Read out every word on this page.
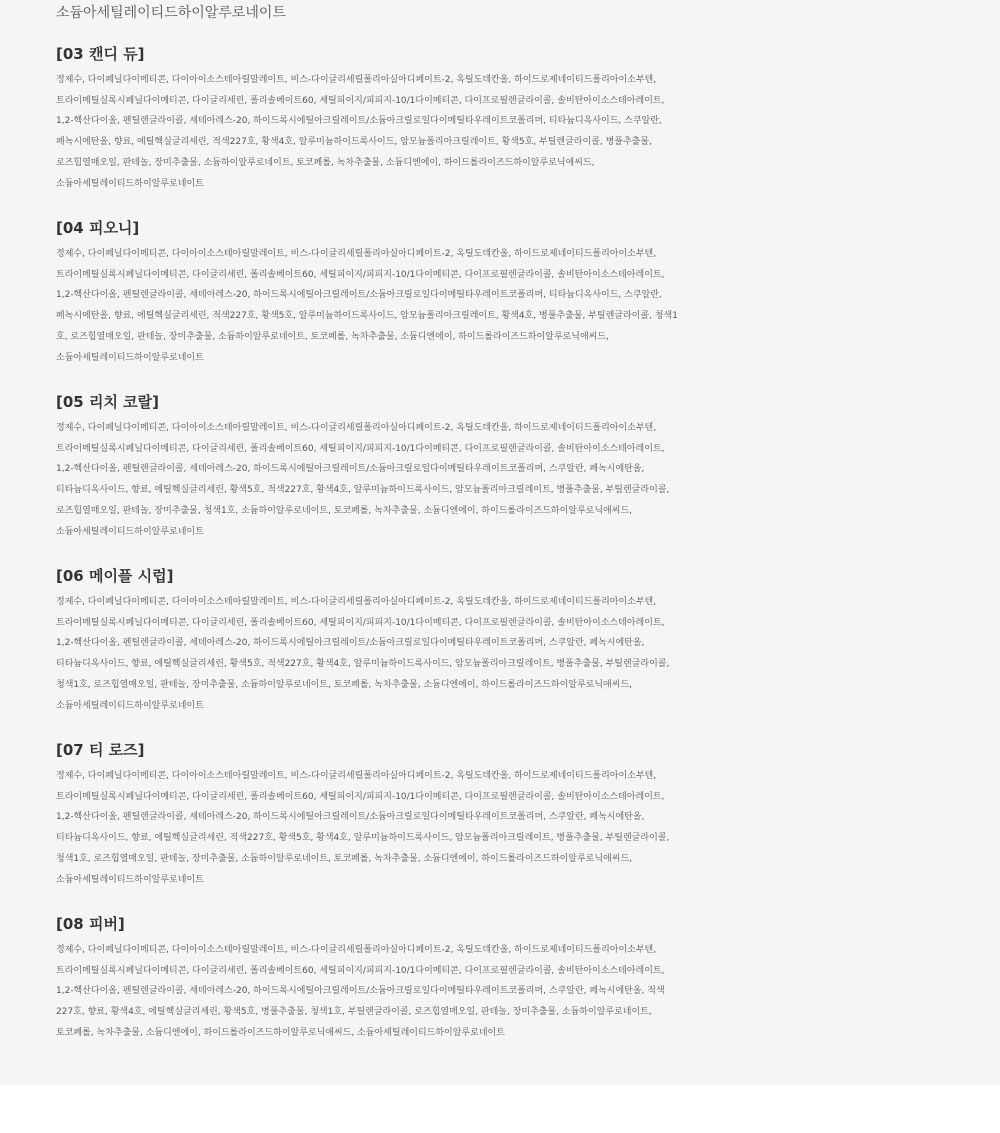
소듐아세틸레이티드하이알루로네이트
[03 캔디 듀]
정제수, 다이페닐다이메티콘, 다이아이소스테아릴말레이트, 비스-다이글리세릴폴리아실아디페이트-2, 옥틸도데칸올, 하이드로제네이티드폴리아이소부텐,
트라이메틸실록시페닐다이메티콘, 다이글리세린, 폴리솔베이트60, 세틸피이지/피피지-10/1다이메티콘, 다이프로필렌글라이콜, 솔비탄아이소스테아레이트,
1,2-헥산다이올, 펜틸렌글라이콜, 세테아레스-20, 하이드록시에틸아크릴레이트/소듐아크릴로일다이메틸타우레이트코폴리머, 티타늄디옥사이드, 스쿠알란,
페녹시에탄올, 향료, 에틸헥실글리세린, 적색227호, 황색4호, 알루미늄하이드록사이드, 암모늄폴리아크릴레이트, 황색5호, 부틸렌글라이콜, 병풀추출물,
로즈힙열매오일, 판테놀, 장미추출물, 소듐하이알루로네이트, 토코페롤, 녹차추출물, 소듐디엔에이, 하이드롤라이즈드하이알루로닉애씨드,
소듐아세틸레이티드하이알루로네이트
[04 피오니]
정제수, 다이페닐다이메티콘, 다이아이소스테아릴말레이트, 비스-다이글리세릴폴리아실아디페이트-2, 옥틸도데칸올, 하이드로제네이티드폴리아이소부텐,
트라이메틸실록시페닐다이메티콘, 다이글리세린, 폴리솔베이트60, 세틸피이지/피피지-10/1다이메티콘, 다이프로필렌글라이콜, 솔비탄아이소스테아레이트,
1,2-헥산다이올, 펜틸렌글라이콜, 세테아레스-20, 하이드록시에틸아크릴레이트/소듐아크릴로일다이메틸타우레이트코폴리머, 티타늄디옥사이드, 스쿠알란,
페녹시에탄올, 향료, 에틸헥실글리세린, 적색227호, 황색5호, 알루미늄하이드록사이드, 암모늄폴리아크릴레이트, 황색4호, 병풀추출물, 부틸렌글라이콜, 청색1
호, 로즈힙열매오일, 판테놀, 장미추출물, 소듐하이알루로네이트, 토코페롤, 녹차추출물, 소듐디엔에이, 하이드롤라이즈드하이알루로닉애씨드,
소듐아세틸레이티드하이알루로네이트
[05 리치 코랄]
정제수, 다이페닐다이메티콘, 다이아이소스테아릴말레이트, 비스-다이글리세릴폴리아실아디페이트-2, 옥틸도데칸올, 하이드로제네이티드폴리아이소부텐,
트라이메틸실록시페닐다이메티콘, 다이글리세린, 폴리솔베이트60, 세틸피이지/피피지-10/1다이메티콘, 다이프로필렌글라이콜, 솔비탄아이소스테아레이트,
1,2-헥산다이올, 펜틸렌글라이콜, 세테아레스-20, 하이드록시에틸아크릴레이트/소듐아크릴로일다이메틸타우레이트코폴리머, 스쿠알란, 페녹시에탄올,
티타늄디옥사이드, 향료, 에틸헥실글리세린, 황색5호, 적색227호, 황색4호, 알루미늄하이드록사이드, 암모늄폴리아크릴레이트, 병풀추출물, 부틸렌글라이콜,
로즈힙열매오일, 판테놀, 장미추출물, 청색1호, 소듐하이알루로네이트, 토코페롤, 녹차추출물, 소듐디엔에이, 하이드롤라이즈드하이알루로닉애씨드,
소듐아세틸레이티드하이알루로네이트
[06 메이플 시럽]
정제수, 다이페닐다이메티콘, 다이아이소스테아릴말레이트, 비스-다이글리세릴폴리아실아디페이트-2, 옥틸도데칸올, 하이드로제네이티드폴리아이소부텐,
트라이메틸실록시페닐다이메티콘, 다이글리세린, 폴리솔베이트60, 세틸피이지/피피지-10/1다이메티콘, 다이프로필렌글라이콜, 솔비탄아이소스테아레이트,
1,2-헥산다이올, 펜틸렌글라이콜, 세테아레스-20, 하이드록시에틸아크릴레이트/소듐아크릴로일다이메틸타우레이트코폴리머, 스쿠알란, 페녹시에탄올,
티타늄디옥사이드, 향료, 에틸헥실글리세린, 황색5호, 적색227호, 황색4호, 알루미늄하이드록사이드, 암모늄폴리아크릴레이트, 병풀추출물, 부틸렌글라이콜,
청색1호, 로즈힙열매오일, 판테놀, 장미추출물, 소듐하이알루로네이트, 토코페롤, 녹차추출물, 소듐디엔에이, 하이드롤라이즈드하이알루로닉애씨드,
소듐아세틸레이티드하이알루로네이트
[07 티 로즈]
정제수, 다이페닐다이메티콘, 다이아이소스테아릴말레이트, 비스-다이글리세릴폴리아실아디페이트-2, 옥틸도데칸올, 하이드로제네이티드폴리아이소부텐,
트라이메틸실록시페닐다이메티콘, 다이글리세린, 폴리솔베이트60, 세틸피이지/피피지-10/1다이메티콘, 다이프로필렌글라이콜, 솔비탄아이소스테아레이트,
1,2-헥산다이올, 펜틸렌글라이콜, 세테아레스-20, 하이드록시에틸아크릴레이트/소듐아크릴로일다이메틸타우레이트코폴리머, 스쿠알란, 페녹시에탄올,
티타늄디옥사이드, 향료, 에틸헥실글리세린, 적색227호, 황색5호, 황색4호, 알루미늄하이드록사이드, 암모늄폴리아크릴레이트, 병풀추출물, 부틸렌글라이콜,
청색1호, 로즈힙열매오일, 판테놀, 장미추출물, 소듐하이알루로네이트, 토코페롤, 녹차추출물, 소듐디엔에이, 하이드롤라이즈드하이알루로닉애씨드,
소듐아세틸레이티드하이알루로네이트
[08 피버]
정제수, 다이페닐다이메티콘, 다이아이소스테아릴말레이트, 비스-다이글리세릴폴리아실아디페이트-2, 옥틸도데칸올, 하이드로제네이티드폴리아이소부텐,
트라이메틸실록시페닐다이메티콘, 다이글리세린, 폴리솔베이트60, 세틸피이지/피피지-10/1다이메티콘, 다이프로필렌글라이콜, 솔비탄아이소스테아레이트,
1,2-헥산다이올, 펜틸렌글라이콜, 세테아레스-20, 하이드록시에틸아크릴레이트/소듐아크릴로일다이메틸타우레이트코폴리머, 스쿠알란, 페녹시에탄올, 적색
227호, 향료, 황색4호, 에틸헥실글리세린, 황색5호, 병풀추출물, 청색1호, 부틸렌글라이콜, 로즈힙열매오일, 판테놀, 장미추출물, 소듐하이알루로네이트,
토코페롤, 녹차추출물, 소듐디엔에이, 하이드롤라이즈드하이알루로닉애씨드, 소듐아세틸레이티드하이알루로네이트
